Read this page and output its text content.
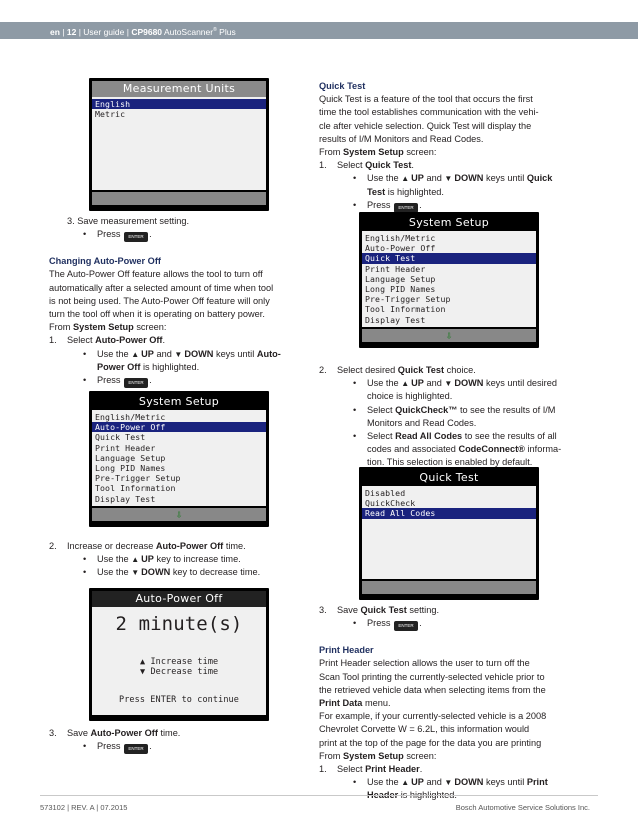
en | 12 | User guide | CP9680 AutoScanner® Plus
Measurement Units
English
Metric
3. Save measurement setting.
• Press ENTER .
Changing Auto-Power Off
The Auto-Power Off feature allows the tool to turn off
automatically after a selected amount of time when tool
is not being used. The Auto-Power Off feature will only
turn the tool off when it is operating on battery power.
From System Setup screen:
1. Select Auto-Power Off.
• Use the ▲ UP and ▼ DOWN keys until Auto-
Power Off is highlighted.
• Press ENTER .
System Setup
English/Metric
Auto-Power Off
Quick Test
Print Header
Language Setup
Long PID Names
Pre-Trigger Setup
Tool Information
Display Test
⇩
2. Increase or decrease Auto-Power Off time.
• Use the ▲ UP key to increase time.
• Use the ▼ DOWN key to decrease time.
Auto-Power Off
2 minute(s)
▲ Increase time
▼ Decrease time
Press ENTER to continue
3. Save Auto-Power Off time.
• Press ENTER .
Quick Test
Quick Test is a feature of the tool that occurs the first
time the tool establishes communication with the vehi-
cle after vehicle selection. Quick Test will display the
results of I/M Monitors and Read Codes.
From System Setup screen:
1. Select Quick Test.
• Use the ▲ UP and ▼ DOWN keys until Quick
Test is highlighted.
• Press ENTER .
System Setup
English/Metric
Auto-Power Off
Quick Test
Print Header
Language Setup
Long PID Names
Pre-Trigger Setup
Tool Information
Display Test
⇩
2. Select desired Quick Test choice.
• Use the ▲ UP and ▼ DOWN keys until desired
choice is highlighted.
• Select QuickCheck™ to see the results of I/M
Monitors and Read Codes.
• Select Read All Codes to see the results of all
codes and associated CodeConnect® informa-
tion. This selection is enabled by default.
Quick Test
Disabled
QuickCheck
Read All Codes
3. Save Quick Test setting.
• Press ENTER .
Print Header
Print Header selection allows the user to turn off the
Scan Tool printing the currently-selected vehicle prior to
the retrieved vehicle data when selecting items from the
Print Data menu.
For example, if your currently-selected vehicle is a 2008
Chevrolet Corvette W = 6.2L, this information would
print at the top of the page for the data you are printing
From System Setup screen:
1. Select Print Header.
• Use the ▲ UP and ▼ DOWN keys until Print
573102 | REV. A | 07.2015	Bosch Automotive Service Solutions Inc.
